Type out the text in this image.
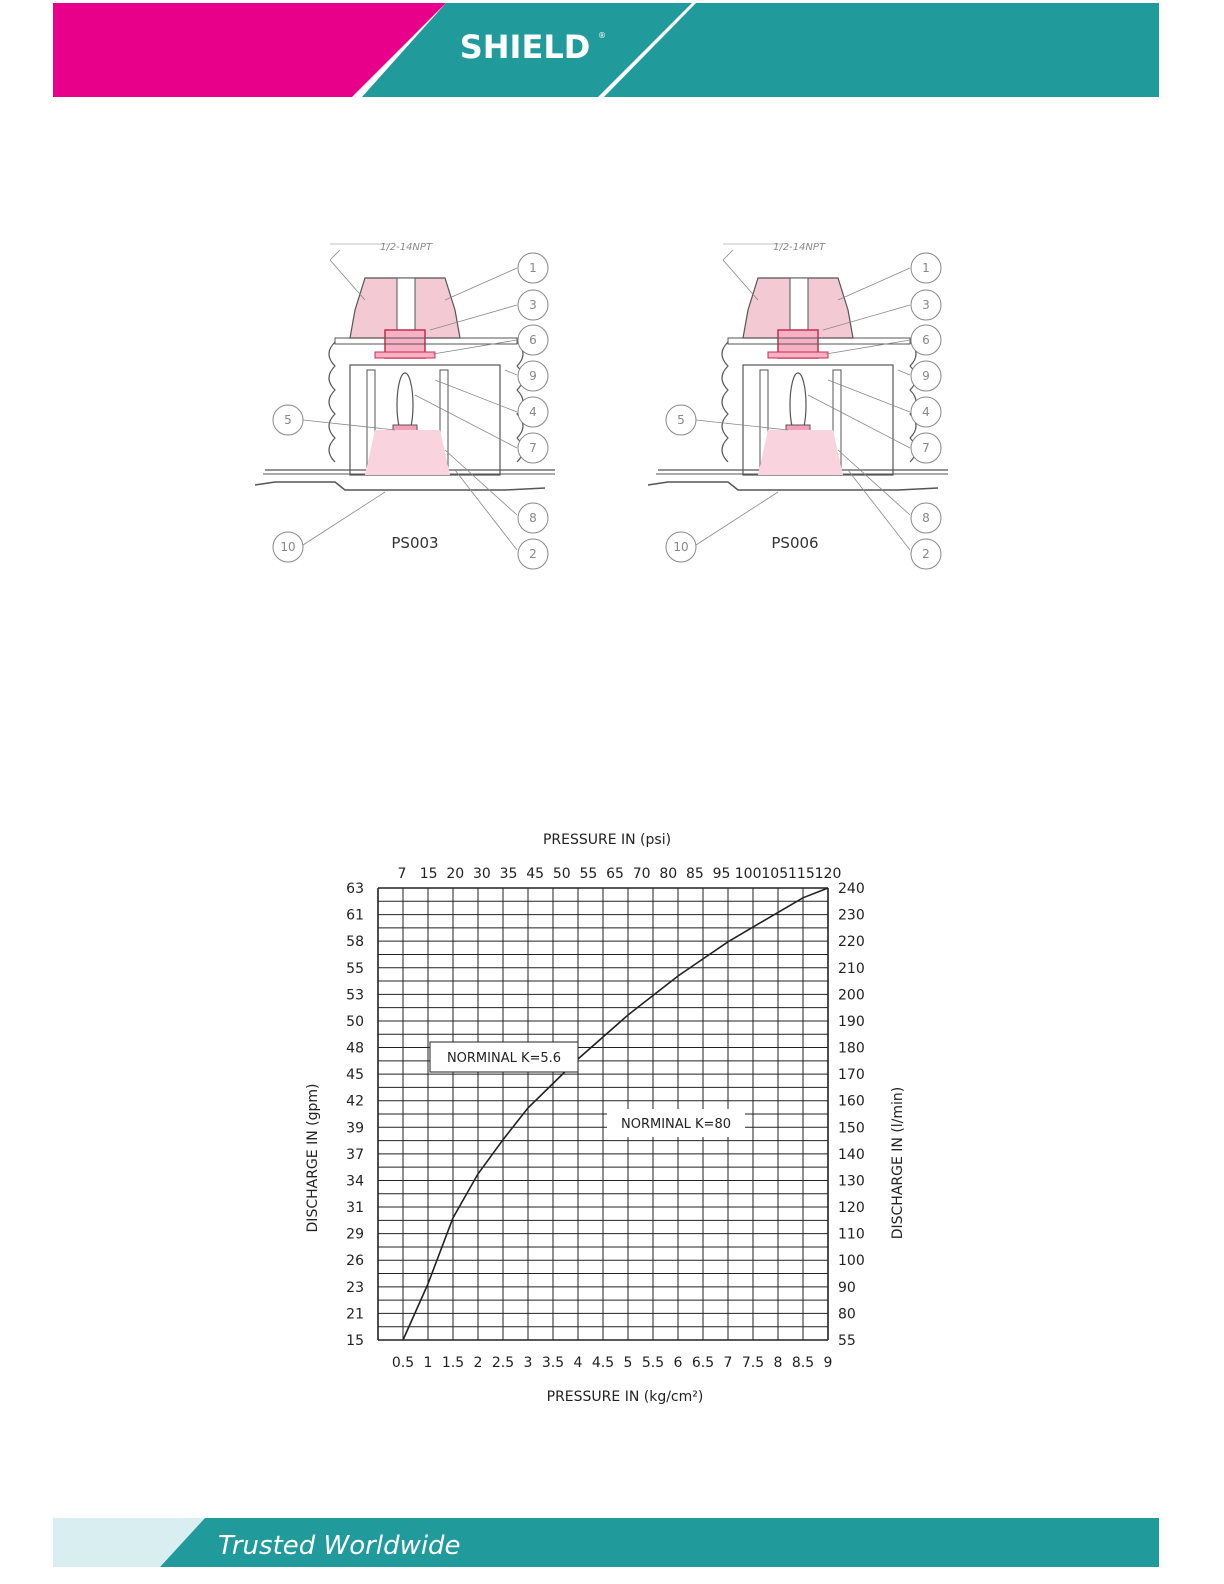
SHIELD ®
1/2-14NPT
1
3
6
9
4
7
8
2
5
10	PS003
1/2-14NPT
1
3
6
9
4
7
8
2
5
10	PS006
PRESSURE IN (psi)
PRESSURE IN (kg/cm²)
DISCHARGE IN (gpm)	DISCHARGE IN (l/min)
0.5 1 1.5 2 2.5 3 3.5 4 4.5 5 5.5 6 6.5 7 7.5 8 8.5 9
7 15 20 30 35 45 50 55 65 70 80 85 95 100 105 115 120
63
61
58
55
53
50
48
45
42
39
37
34
31
29
26
23
21
15
240
230
220
210
200
190
180
170
160
150
140
130
120
110
100
90
80
55
NORMINAL K=5.6
NORMINAL K=80
Trusted Worldwide
